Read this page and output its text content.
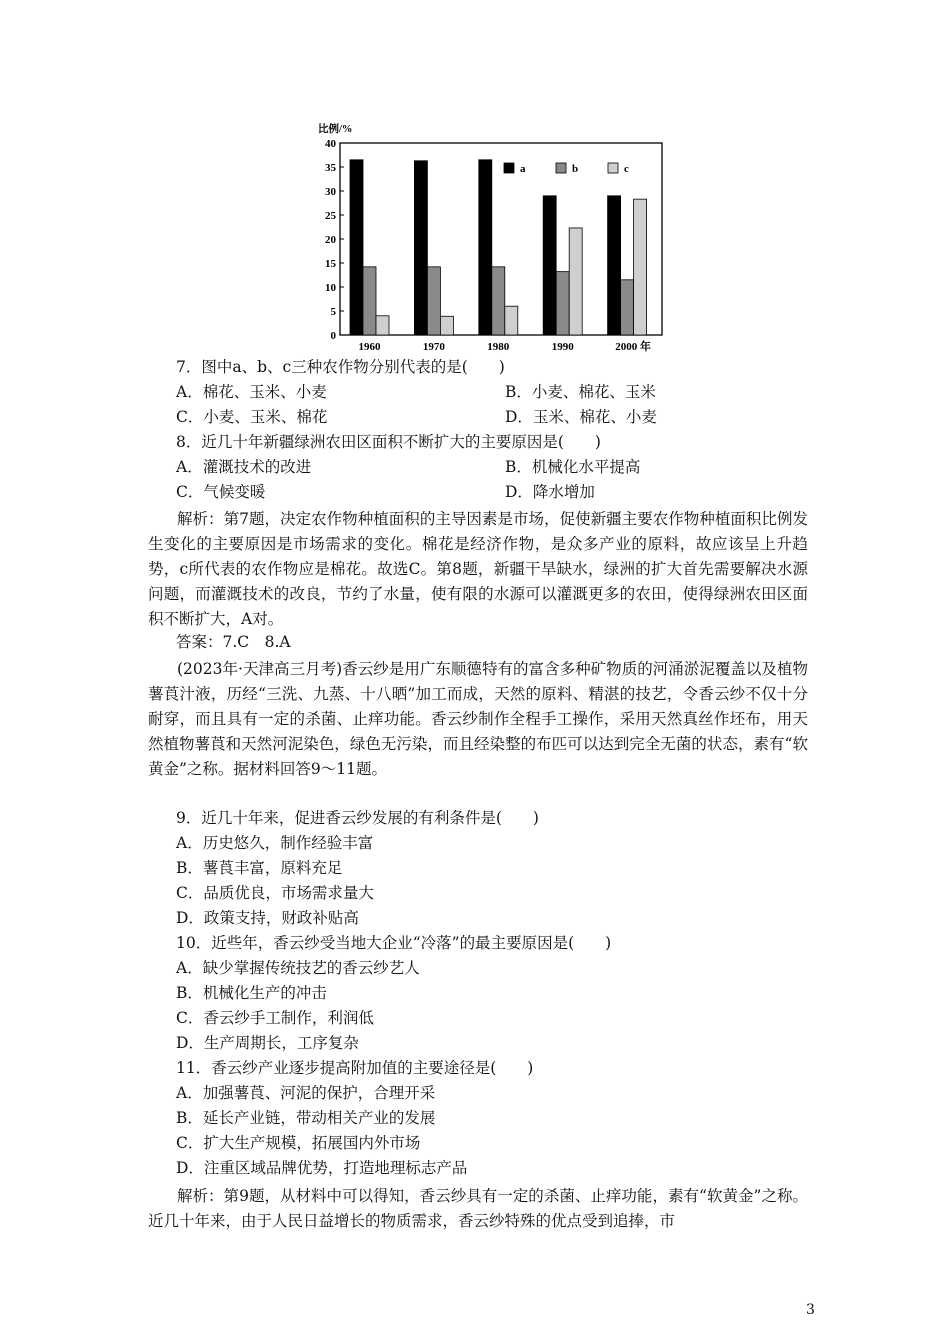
比例/%
0
5
10
15
20
25
30
35
40
1960	1970	1980	1990	2000 年
a	b	c
7．图中a、b、c三种农作物分别代表的是(　　)
A．棉花、玉米、小麦	B．小麦、棉花、玉米
C．小麦、玉米、棉花	D．玉米、棉花、小麦
8．近几十年新疆绿洲农田区面积不断扩大的主要原因是(　　)
A．灌溉技术的改进	B．机械化水平提高
C．气候变暖	D．降水增加
解析：第7题，决定农作物种植面积的主导因素是市场，促使新疆主要农作物种植面积比例发生变化的主要原因是市场需求的变化。棉花是经济作物，是众多产业的原料，故应该呈上升趋势，c所代表的农作物应是棉花。故选C。第8题，新疆干旱缺水，绿洲的扩大首先需要解决水源问题，而灌溉技术的改良，节约了水量，使有限的水源可以灌溉更多的农田，使得绿洲农田区面积不断扩大，A对。
答案：7.C　8.A
(2023年·天津高三月考)香云纱是用广东顺德特有的富含多种矿物质的河涌淤泥覆盖以及植物薯莨汁液，历经“三洗、九蒸、十八晒”加工而成，天然的原料、精湛的技艺，令香云纱不仅十分耐穿，而且具有一定的杀菌、止痒功能。香云纱制作全程手工操作，采用天然真丝作坯布，用天然植物薯莨和天然河泥染色，绿色无污染，而且经染整的布匹可以达到完全无菌的状态，素有“软黄金”之称。据材料回答9～11题。
9．近几十年来，促进香云纱发展的有利条件是(　　)
A．历史悠久，制作经验丰富
B．薯莨丰富，原料充足
C．品质优良，市场需求量大
D．政策支持，财政补贴高
10．近些年，香云纱受当地大企业“冷落”的最主要原因是(　　)
A．缺少掌握传统技艺的香云纱艺人
B．机械化生产的冲击
C．香云纱手工制作，利润低
D．生产周期长，工序复杂
11．香云纱产业逐步提高附加值的主要途径是(　　)
A．加强薯莨、河泥的保护，合理开采
B．延长产业链，带动相关产业的发展
C．扩大生产规模，拓展国内外市场
D．注重区域品牌优势，打造地理标志产品
解析：第9题，从材料中可以得知，香云纱具有一定的杀菌、止痒功能，素有“软黄金”之称。近几十年来，由于人民日益增长的物质需求，香云纱特殊的优点受到追捧，市
3
